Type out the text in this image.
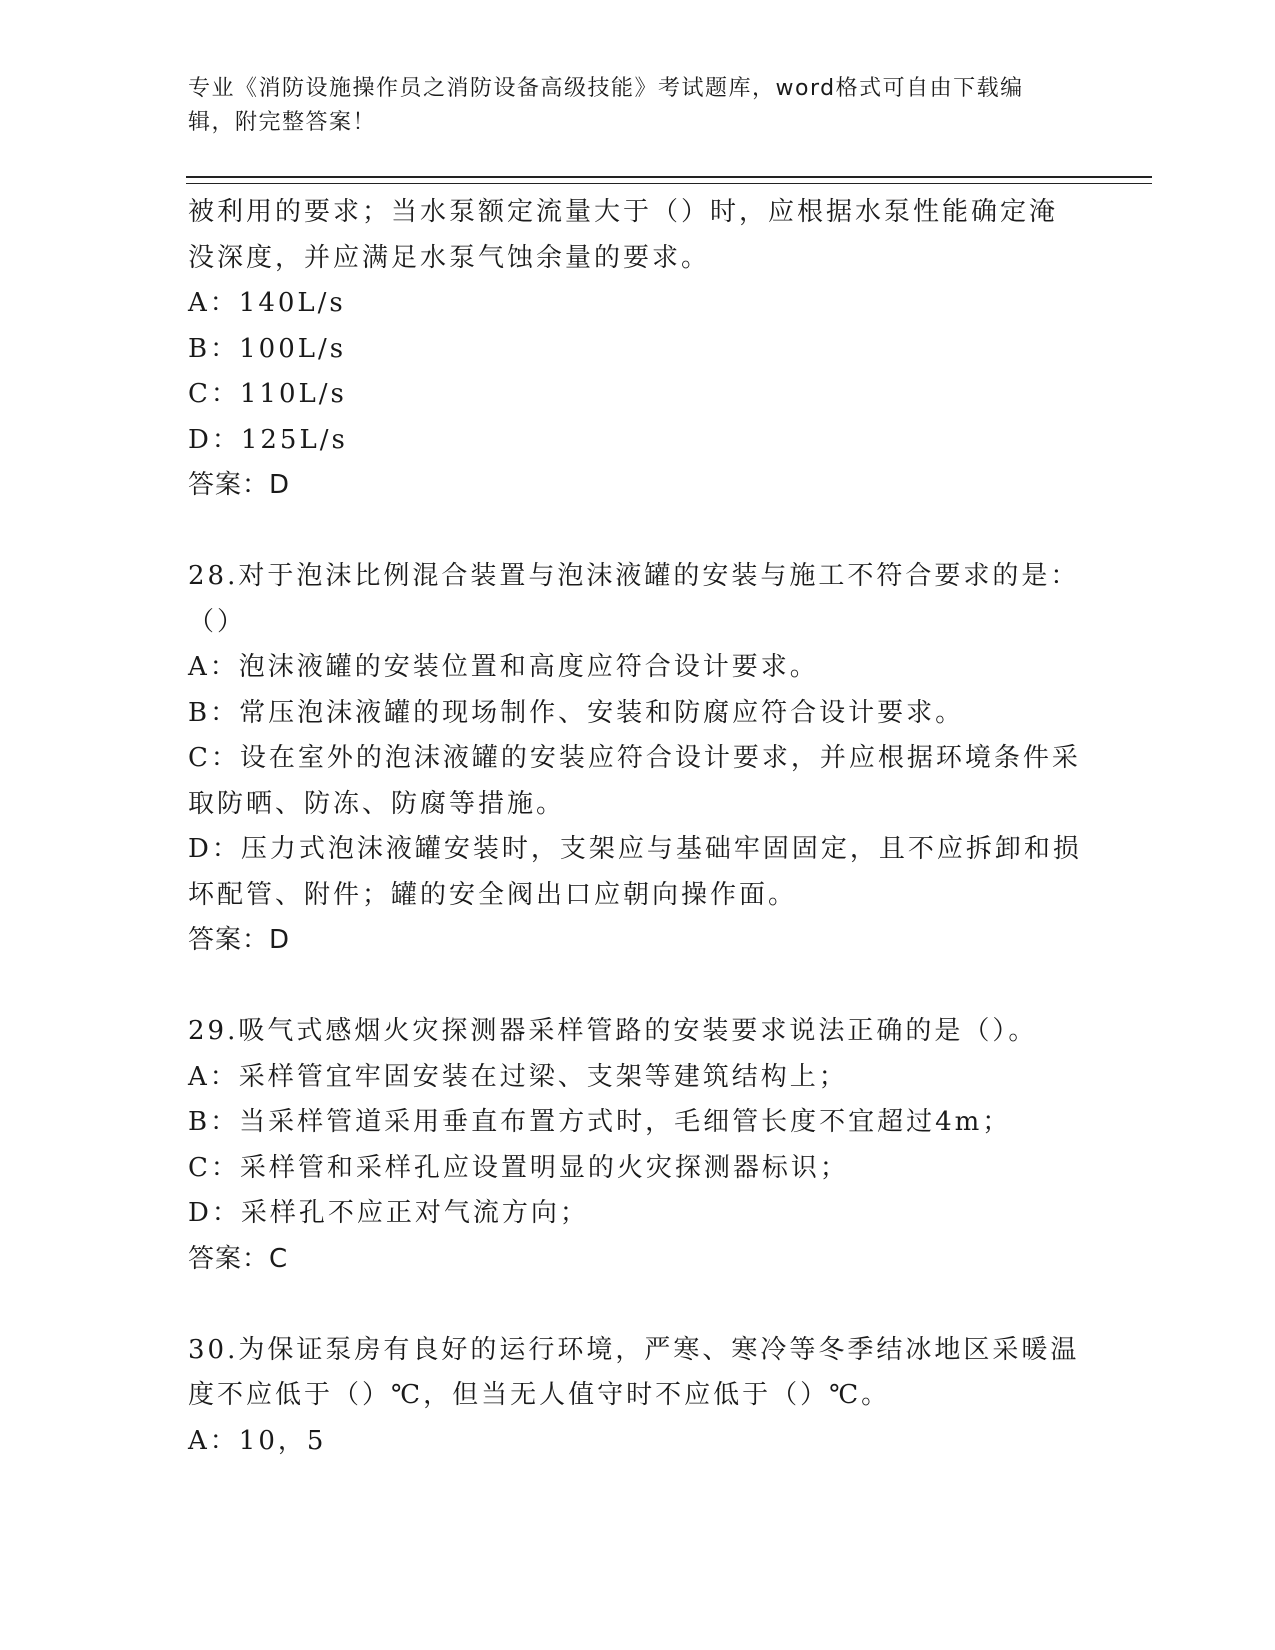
专业《消防设施操作员之消防设备高级技能》考试题库，word格式可自由下载编
辑，附完整答案！
被利用的要求；当水泵额定流量大于（）时，应根据水泵性能确定淹
没深度，并应满足水泵气蚀余量的要求。
A：140L/s
B：100L/s
C：110L/s
D：125L/s
答案：D
28.对于泡沫比例混合装置与泡沫液罐的安装与施工不符合要求的是：
（）
A：泡沫液罐的安装位置和高度应符合设计要求。
B：常压泡沫液罐的现场制作、安装和防腐应符合设计要求。
C：设在室外的泡沫液罐的安装应符合设计要求，并应根据环境条件采
取防晒、防冻、防腐等措施。
D：压力式泡沫液罐安装时，支架应与基础牢固固定，且不应拆卸和损
坏配管、附件；罐的安全阀出口应朝向操作面。
答案：D
29.吸气式感烟火灾探测器采样管路的安装要求说法正确的是（）。
A：采样管宜牢固安装在过梁、支架等建筑结构上；
B：当采样管道采用垂直布置方式时，毛细管长度不宜超过4m；
C：采样管和采样孔应设置明显的火灾探测器标识；
D：采样孔不应正对气流方向；
答案：C
30.为保证泵房有良好的运行环境，严寒、寒冷等冬季结冰地区采暖温
度不应低于（）℃，但当无人值守时不应低于（）℃。
A：10，5
